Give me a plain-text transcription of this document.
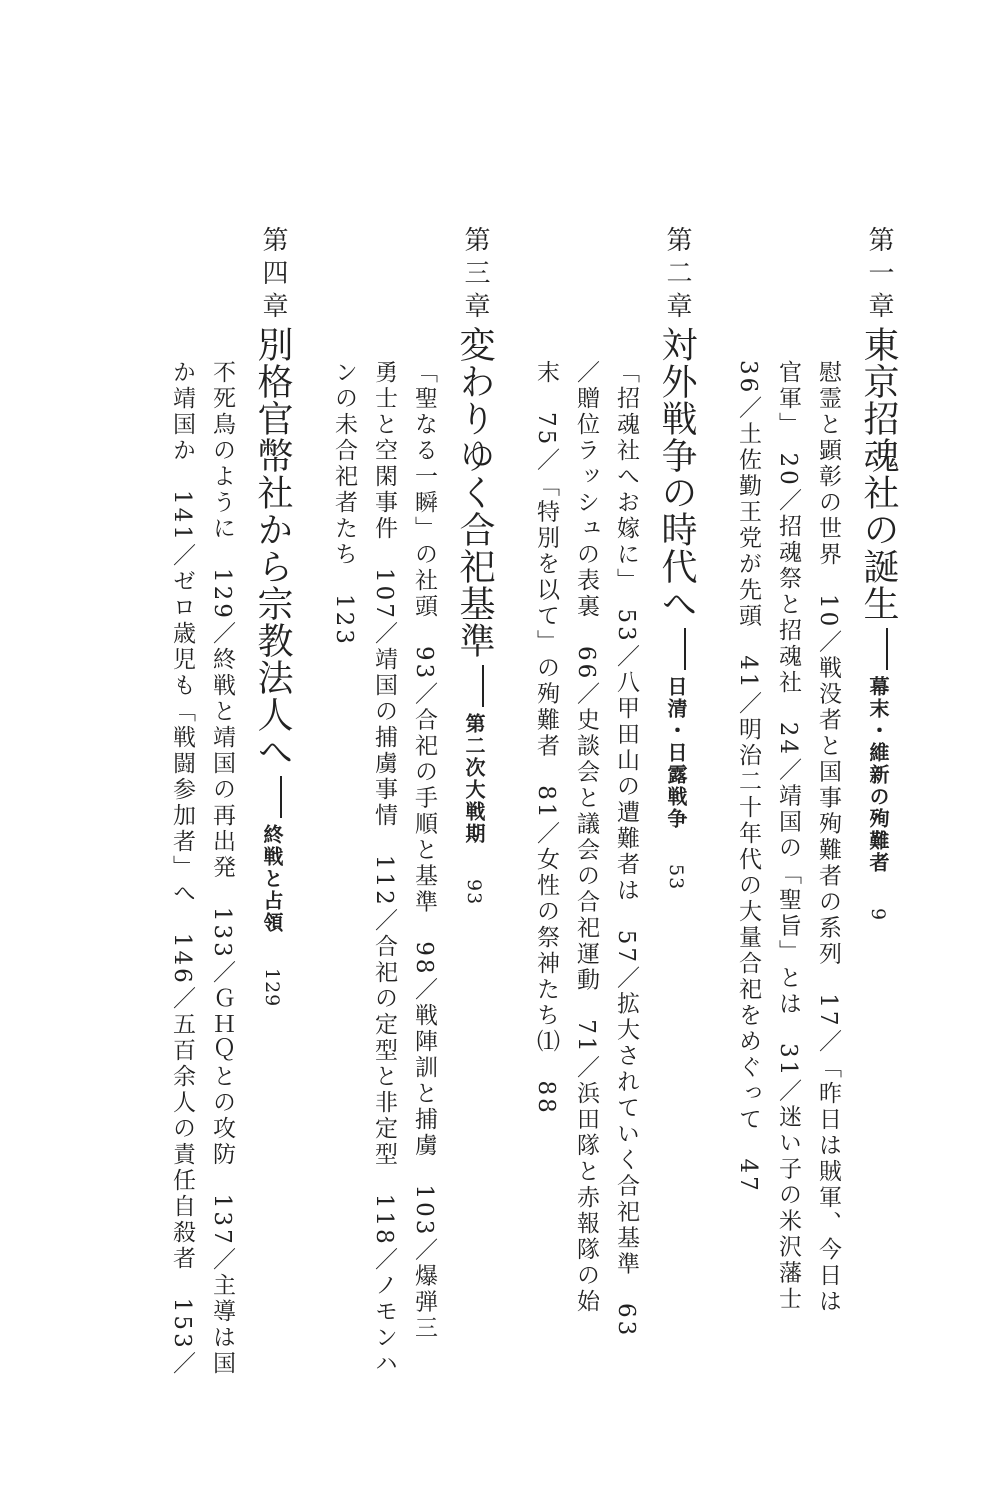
第一章
東京招魂社の誕生幕末・維新の殉難者9
慰霊と顕彰の世界　10／戦没者と国事殉難者の系列　17／「昨日は賊軍、今日は
官軍」　20／招魂祭と招魂社　24／靖国の「聖旨」とは　31／迷い子の米沢藩士
36／土佐勤王党が先頭　41／明治二十年代の大量合祀をめぐって　47
第二章
対外戦争の時代へ日清・日露戦争53
「招魂社へお嫁に」　53／八甲田山の遭難者は　57／拡大されていく合祀基準　63
／贈位ラッシュの表裏　66／史談会と議会の合祀運動　71／浜田隊と赤報隊の始
末　75／「特別を以て」の殉難者　81／女性の祭神たち⑴　88
第三章
変わりゆく合祀基準第二次大戦期93
「聖なる一瞬」の社頭　93／合祀の手順と基準　98／戦陣訓と捕虜　103／爆弾三
勇士と空閑事件　107／靖国の捕虜事情　112／合祀の定型と非定型　118／ノモンハ
ンの未合祀者たち　123
第四章
別格官幣社から宗教法人へ終戦と占領129
不死鳥のように　129／終戦と靖国の再出発　133／ＧＨＱとの攻防　137／主導は国
か靖国か　141／ゼロ歳児も「戦闘参加者」へ　146／五百余人の責任自殺者　153／
